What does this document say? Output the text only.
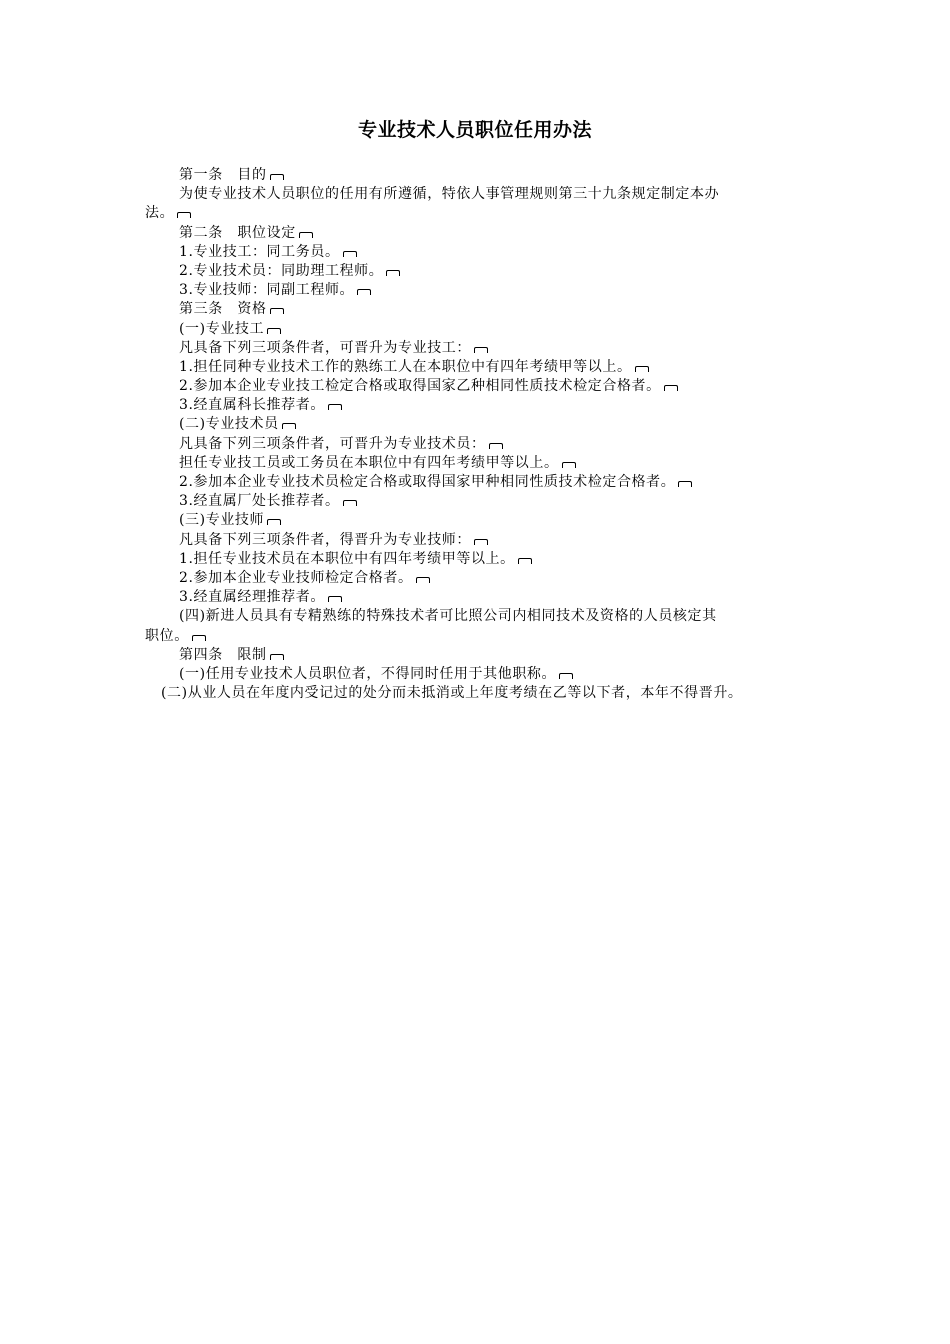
专业技术人员职位任用办法
第一条　目的
为使专业技术人员职位的任用有所遵循，特依人事管理规则第三十九条规定制定本办
法。
第二条　职位设定
1.专业技工：同工务员。
2.专业技术员：同助理工程师。
3.专业技师：同副工程师。
第三条　资格
(一)专业技工
凡具备下列三项条件者，可晋升为专业技工：
1.担任同种专业技术工作的熟练工人在本职位中有四年考绩甲等以上。
2.参加本企业专业技工检定合格或取得国家乙种相同性质技术检定合格者。
3.经直属科长推荐者。
(二)专业技术员
凡具备下列三项条件者，可晋升为专业技术员：
担任专业技工员或工务员在本职位中有四年考绩甲等以上。
2.参加本企业专业技术员检定合格或取得国家甲种相同性质技术检定合格者。
3.经直属厂处长推荐者。
(三)专业技师
凡具备下列三项条件者，得晋升为专业技师：
1.担任专业技术员在本职位中有四年考绩甲等以上。
2.参加本企业专业技师检定合格者。
3.经直属经理推荐者。
(四)新进人员具有专精熟练的特殊技术者可比照公司内相同技术及资格的人员核定其
职位。
第四条　限制
(一)任用专业技术人员职位者，不得同时任用于其他职称。
(二)从业人员在年度内受记过的处分而未抵消或上年度考绩在乙等以下者，本年不得晋升。
